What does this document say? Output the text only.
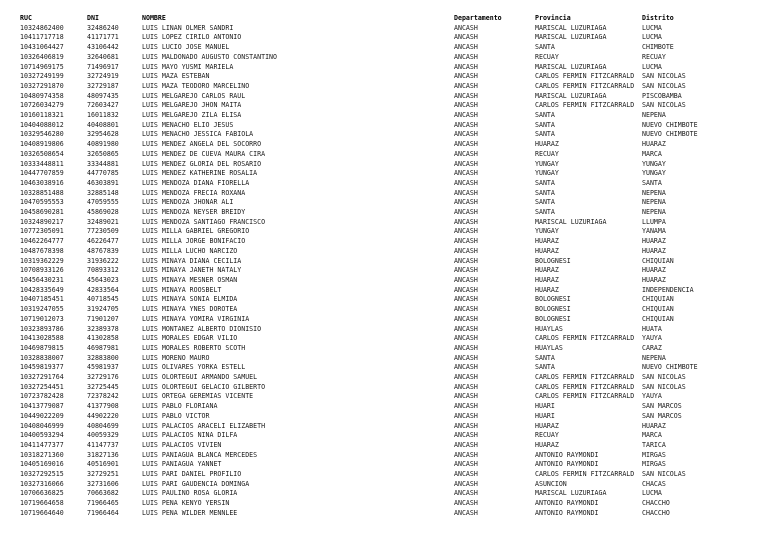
RUC	DNI	NOMBRE	Departamento	Provincia	Distrito
10324862400	32486240	LUIS LIÑAN OLMER SANDRI	ANCASH	MARISCAL LUZURIAGA	LUCMA
10411717718	41171771	LUIS LOPEZ CIRILO ANTONIO	ANCASH	MARISCAL LUZURIAGA	LUCMA
10431064427	43106442	LUIS LUCIO JOSE MANUEL	ANCASH	SANTA	CHIMBOTE
10326406819	32640681	LUIS MALDONADO AUGUSTO CONSTANTINO	ANCASH	RECUAY	RECUAY
10714969175	71496917	LUIS MAYO YUSMI MARIELA	ANCASH	MARISCAL LUZURIAGA	LUCMA
10327249199	32724919	LUIS MAZA ESTEBAN	ANCASH	CARLOS FERMIN FITZCARRALD	SAN NICOLAS
10327291870	32729187	LUIS MAZA TEODORO MARCELINO	ANCASH	CARLOS FERMIN FITZCARRALD	SAN NICOLAS
10480974358	48097435	LUIS MELGAREJO CARLOS RAUL	ANCASH	MARISCAL LUZURIAGA	PISCOBAMBA
10726034279	72603427	LUIS MELGAREJO JHON MAITA	ANCASH	CARLOS FERMIN FITZCARRALD	SAN NICOLAS
10160118321	16011832	LUIS MELGAREJO ZILA ELISA	ANCASH	SANTA	NEPEÑA
10404088012	40408801	LUIS MENACHO ELIO JESUS	ANCASH	SANTA	NUEVO CHIMBOTE
10329546280	32954628	LUIS MENACHO JESSICA FABIOLA	ANCASH	SANTA	NUEVO CHIMBOTE
10408919806	40891980	LUIS MENDEZ ANGELA DEL SOCORRO	ANCASH	HUARAZ	HUARAZ
10326508654	32650865	LUIS MENDEZ DE CUEVA MAURA CIRA	ANCASH	RECUAY	MARCA
10333448811	33344881	LUIS MENDEZ GLORIA DEL ROSARIO	ANCASH	YUNGAY	YUNGAY
10447707859	44770785	LUIS MENDEZ KATHERINE ROSALIA	ANCASH	YUNGAY	YUNGAY
10463038916	46303891	LUIS MENDOZA DIANA FIORELLA	ANCASH	SANTA	SANTA
10328851488	32885148	LUIS MENDOZA FRECIA ROXANA	ANCASH	SANTA	NEPEÑA
10470595553	47059555	LUIS MENDOZA JHONAR ALI	ANCASH	SANTA	NEPEÑA
10458690281	45869028	LUIS MENDOZA NEYSER BREIDY	ANCASH	SANTA	NEPEÑA
10324890217	32489021	LUIS MENDOZA SANTIAGO FRANCISCO	ANCASH	MARISCAL LUZURIAGA	LLUMPA
10772305091	77230509	LUIS MILLA GABRIEL GREGORIO	ANCASH	YUNGAY	YANAMA
10462264777	46226477	LUIS MILLA JORGE BONIFACIO	ANCASH	HUARAZ	HUARAZ
10487678398	48767839	LUIS MILLA LUCHO NARCIZO	ANCASH	HUARAZ	HUARAZ
10319362229	31936222	LUIS MINAYA DIANA CECILIA	ANCASH	BOLOGNESI	CHIQUIAN
10708933126	70893312	LUIS MINAYA JANETH NATALY	ANCASH	HUARAZ	HUARAZ
10456430231	45643023	LUIS MINAYA MESNER OSMAN	ANCASH	HUARAZ	HUARAZ
10428335649	42833564	LUIS MINAYA ROOSBELT	ANCASH	HUARAZ	INDEPENDENCIA
10407185451	40718545	LUIS MINAYA SONIA ELMIDA	ANCASH	BOLOGNESI	CHIQUIAN
10319247055	31924705	LUIS MINAYA YNES DOROTEA	ANCASH	BOLOGNESI	CHIQUIAN
10719012073	71901207	LUIS MINAYA YOMIRA VIRGINIA	ANCASH	BOLOGNESI	CHIQUIAN
10323893786	32389378	LUIS MONTAÑEZ ALBERTO DIONISIO	ANCASH	HUAYLAS	HUATA
10413028588	41302858	LUIS MORALES EDGAR VILIO	ANCASH	CARLOS FERMIN FITZCARRALD	YAUYA
10469879815	46987981	LUIS MORALES ROBERTO SCOTH	ANCASH	HUAYLAS	CARAZ
10328838007	32883800	LUIS MORENO MAURO	ANCASH	SANTA	NEPEÑA
10459819377	45981937	LUIS OLIVARES YORKA ESTELL	ANCASH	SANTA	NUEVO CHIMBOTE
10327291764	32729176	LUIS OLORTEGUI ARMANDO SAMUEL	ANCASH	CARLOS FERMIN FITZCARRALD	SAN NICOLAS
10327254451	32725445	LUIS OLORTEGUI GELACIO GILBERTO	ANCASH	CARLOS FERMIN FITZCARRALD	SAN NICOLAS
10723782428	72378242	LUIS ORTEGA GEREMIAS VICENTE	ANCASH	CARLOS FERMIN FITZCARRALD	YAUYA
10413779087	41377908	LUIS PABLO FLORIANA	ANCASH	HUARI	SAN MARCOS
10449022209	44902220	LUIS PABLO VICTOR	ANCASH	HUARI	SAN MARCOS
10408046999	40804699	LUIS PALACIOS ARACELI ELIZABETH	ANCASH	HUARAZ	HUARAZ
10400593294	40059329	LUIS PALACIOS NINA DILFA	ANCASH	RECUAY	MARCA
10411477377	41147737	LUIS PALACIOS VIVIEN	ANCASH	HUARAZ	TARICA
10318271360	31827136	LUIS PANIAGUA BLANCA MERCEDES	ANCASH	ANTONIO RAYMONDI	MIRGAS
10405169016	40516901	LUIS PANIAGUA YANNET	ANCASH	ANTONIO RAYMONDI	MIRGAS
10327292515	32729251	LUIS PARI DANIEL PROFILIO	ANCASH	CARLOS FERMIN FITZCARRALD	SAN NICOLAS
10327316066	32731606	LUIS PARI GAUDENCIA DOMINGA	ANCASH	ASUNCION	CHACAS
10706636825	70663682	LUIS PAULINO ROSA GLORIA	ANCASH	MARISCAL LUZURIAGA	LUCMA
10719664658	71966465	LUIS PEÑA KENYO YERSIN	ANCASH	ANTONIO RAYMONDI	CHACCHO
10719664640	71966464	LUIS PEÑA WILDER MENNLEE	ANCASH	ANTONIO RAYMONDI	CHACCHO
